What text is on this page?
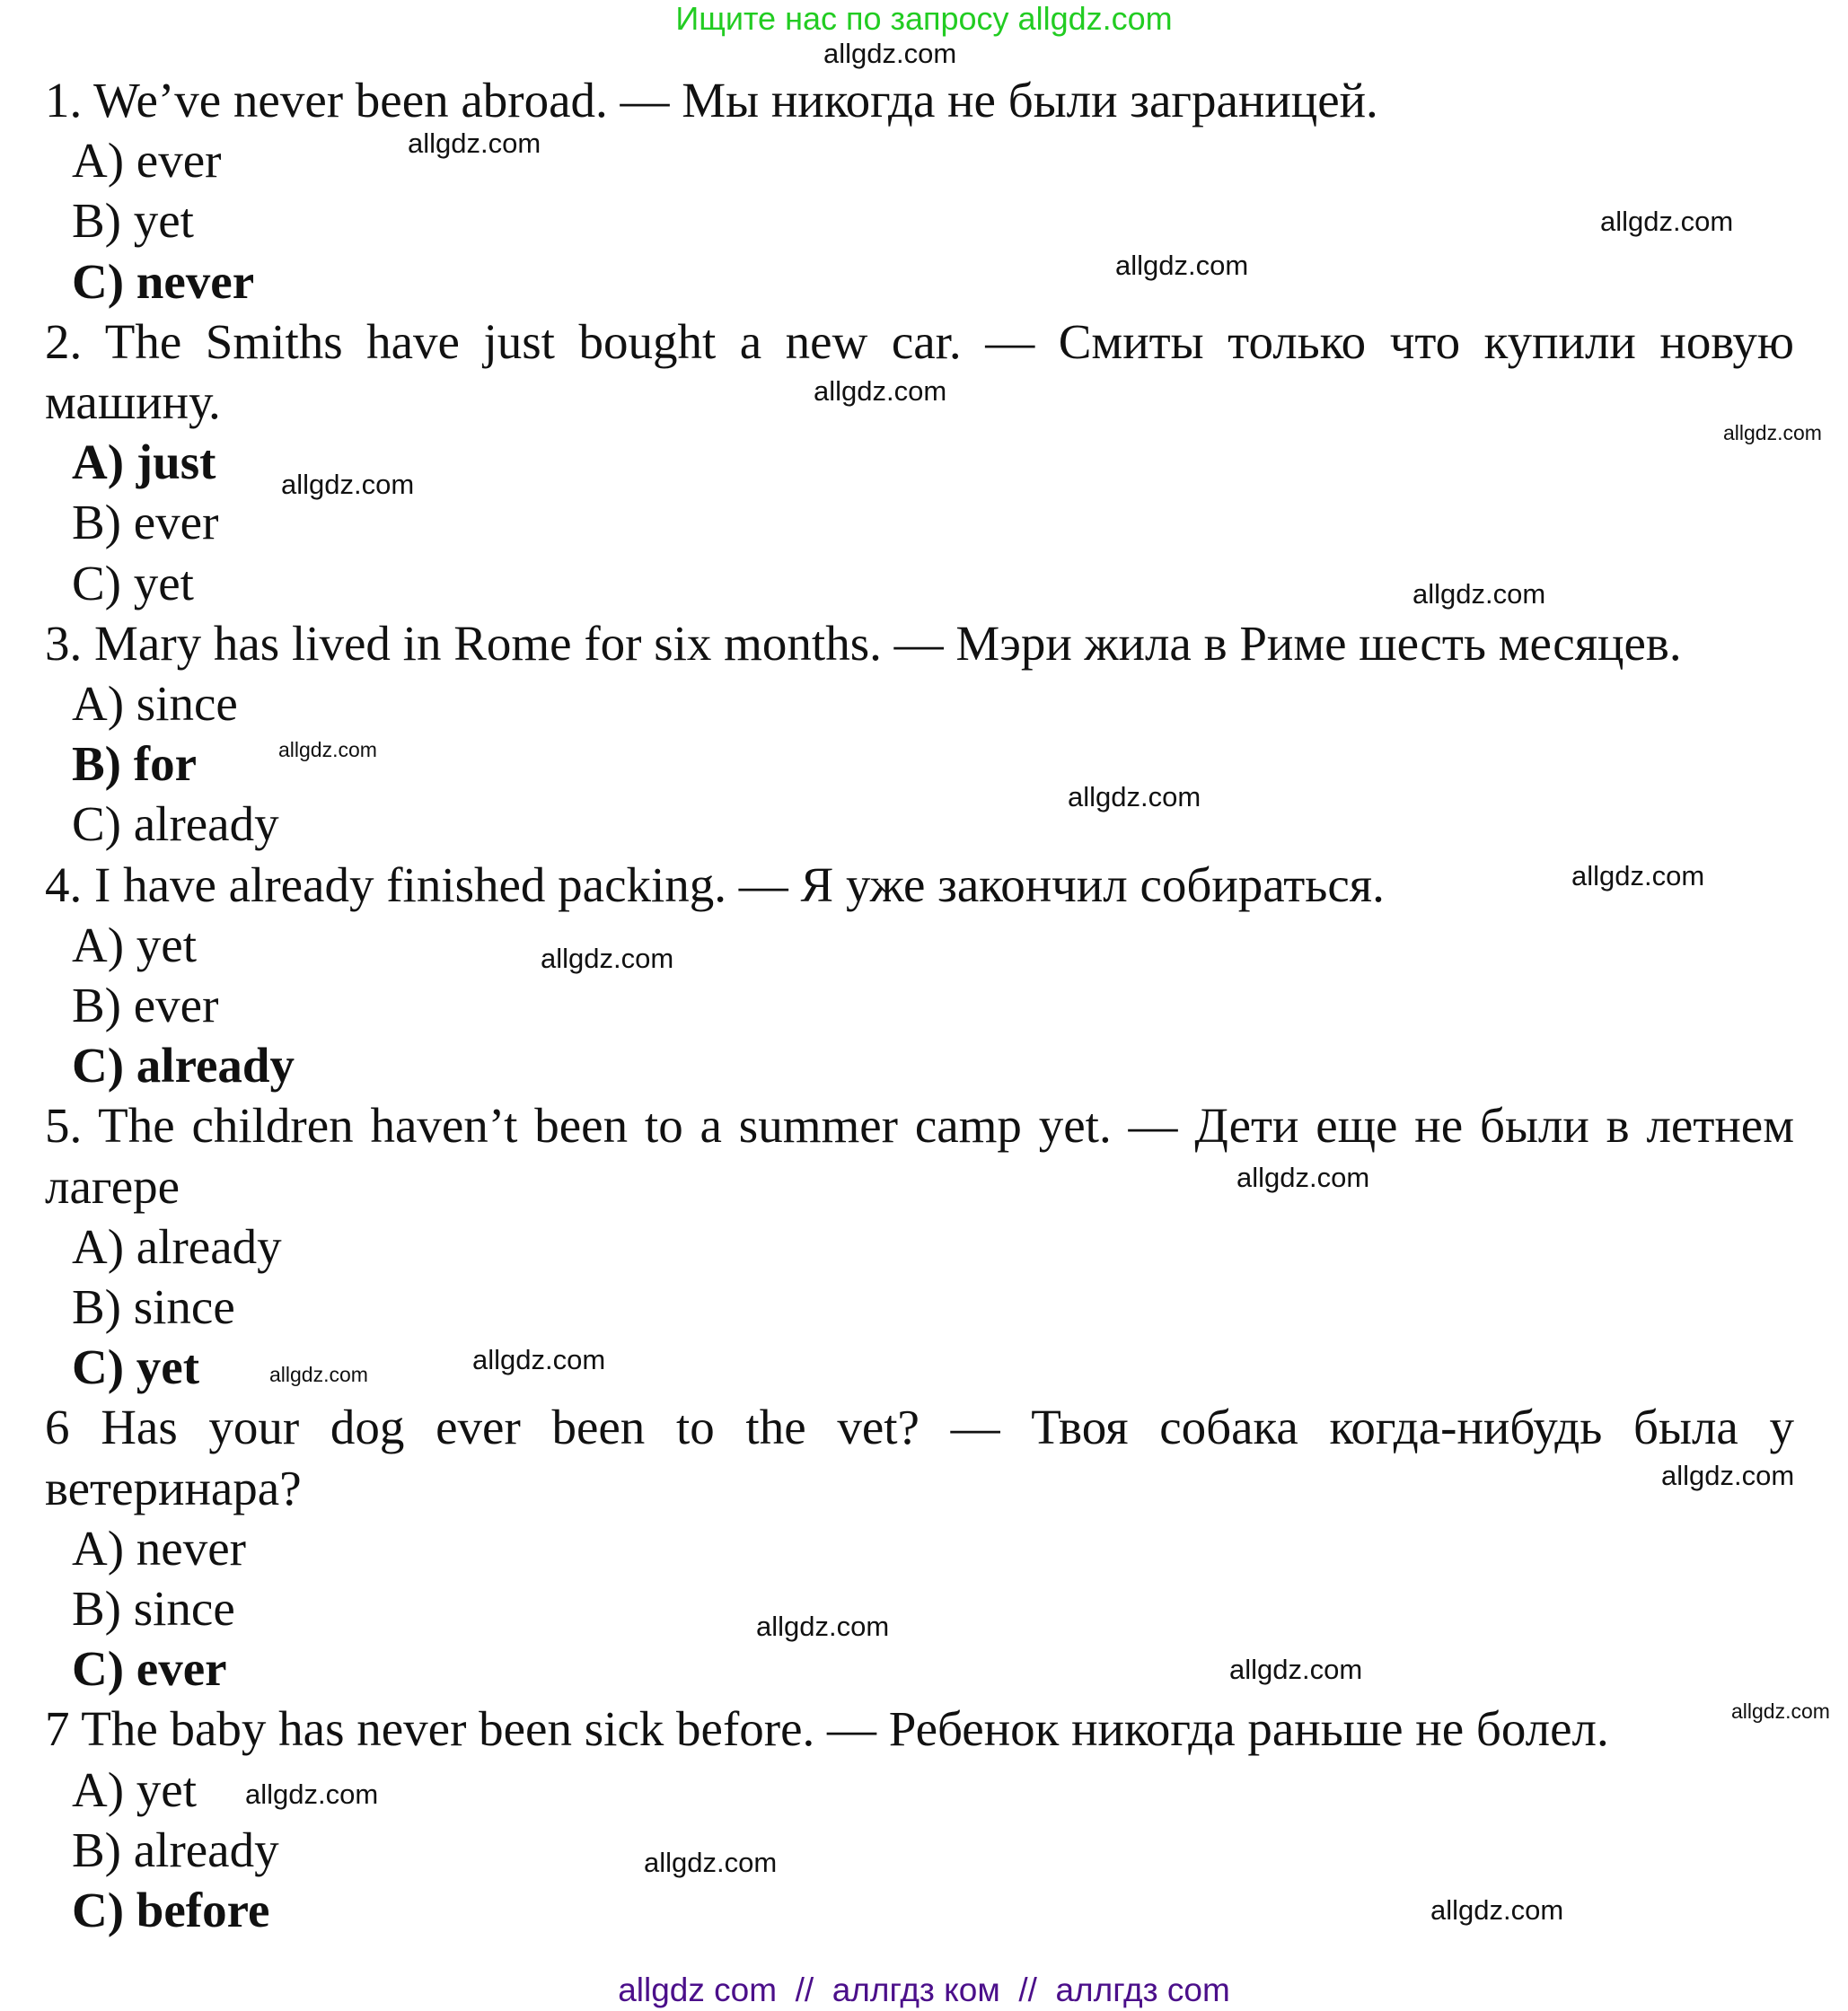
Ищите нас по запросу allgdz.com

1. We’ve never been abroad. — Мы никогда не были заграницей.

A) ever

B) yet

C) never

2. The Smiths have just bought a new car. — Смиты только что купили новую машину.

A) just

B) ever

C) yet

3. Mary has lived in Rome for six months. — Мэри жила в Риме шесть месяцев.

A) since

B) for

C) already

4. I have already finished packing. — Я уже закончил собираться.

A) yet

B) ever

C) already

5. The children haven’t been to a summer camp yet. — Дети еще не были в летнем лагере

A) already

B) since

C) yet

6 Has your dog ever been to the vet? — Твоя собака когда-нибудь была у ветеринара?

A) never

B) since

C) ever

7 The baby has never been sick before. — Ребенок никогда раньше не болел.

A) yet

B) already

C) before

allgdz.com
allgdz.com
allgdz.com
allgdz.com
allgdz.com
allgdz.com
allgdz.com
allgdz.com
allgdz.com
allgdz.com
allgdz.com
allgdz.com
allgdz.com
allgdz.com
allgdz.com
allgdz.com
allgdz.com
allgdz.com
allgdz.com
allgdz.com
allgdz.com
allgdz.com
allgdz com  //  аллгдз ком  //  аллгдз com
